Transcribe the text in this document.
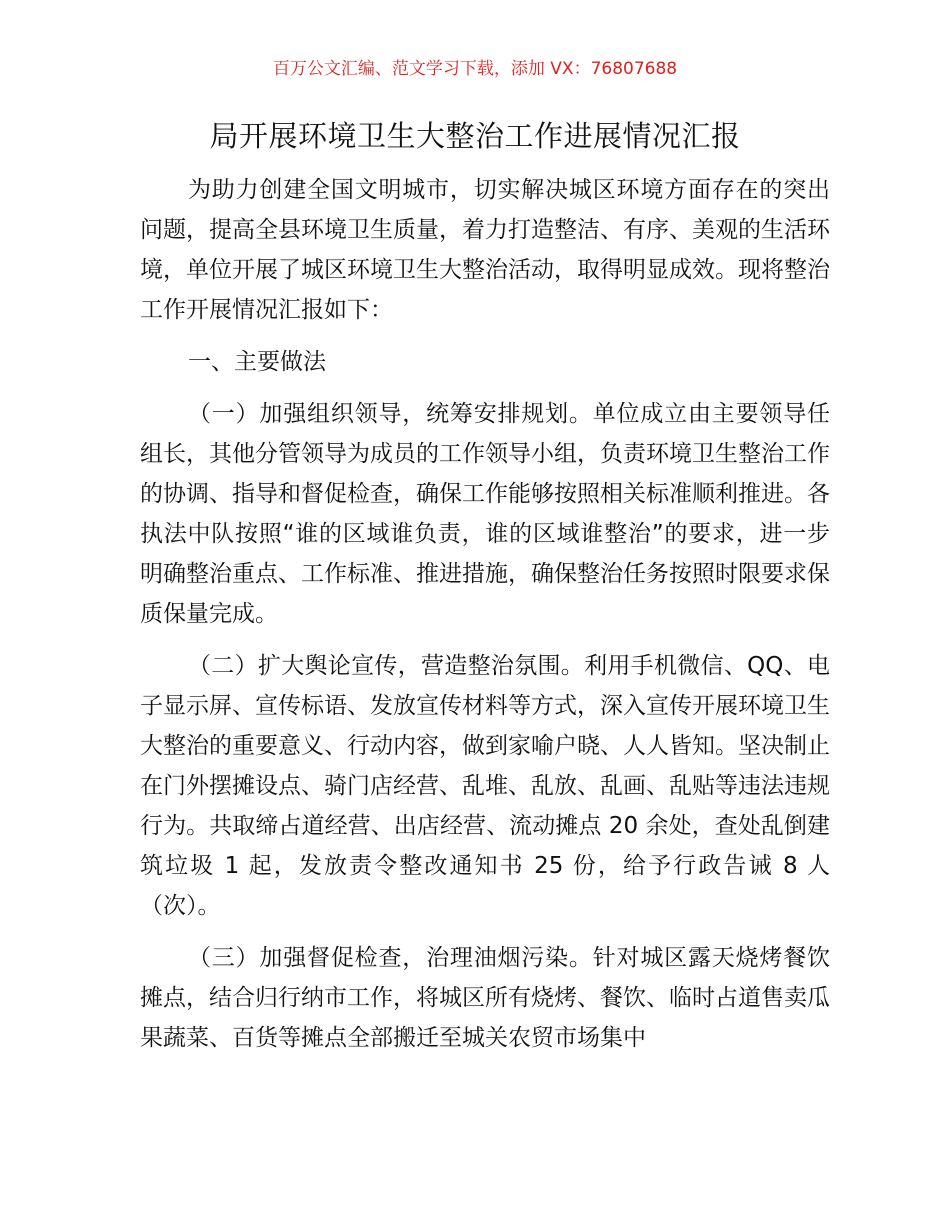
百万公文汇编、范文学习下载，添加 VX：76807688
局开展环境卫生大整治工作进展情况汇报

为助力创建全国文明城市，切实解决城区环境方面存在的突出问题，提高全县环境卫生质量，着力打造整洁、有序、美观的生活环境，单位开展了城区环境卫生大整治活动，取得明显成效。现将整治工作开展情况汇报如下：

一、主要做法

（一）加强组织领导，统筹安排规划。单位成立由主要领导任组长，其他分管领导为成员的工作领导小组，负责环境卫生整治工作的协调、指导和督促检查，确保工作能够按照相关标准顺利推进。各执法中队按照“谁的区域谁负责，谁的区域谁整治”的要求，进一步明确整治重点、工作标准、推进措施，确保整治任务按照时限要求保质保量完成。

（二）扩大舆论宣传，营造整治氛围。利用手机微信、QQ、电子显示屏、宣传标语、发放宣传材料等方式，深入宣传开展环境卫生大整治的重要意义、行动内容，做到家喻户晓、人人皆知。坚决制止在门外摆摊设点、骑门店经营、乱堆、乱放、乱画、乱贴等违法违规行为。共取缔占道经营、出店经营、流动摊点 20 余处，查处乱倒建筑垃圾 1 起，发放责令整改通知书 25 份，给予行政告诫 8 人（次）。

（三）加强督促检查，治理油烟污染。针对城区露天烧烤餐饮摊点，结合归行纳市工作，将城区所有烧烤、餐饮、临时占道售卖瓜果蔬菜、百货等摊点全部搬迁至城关农贸市场集中
